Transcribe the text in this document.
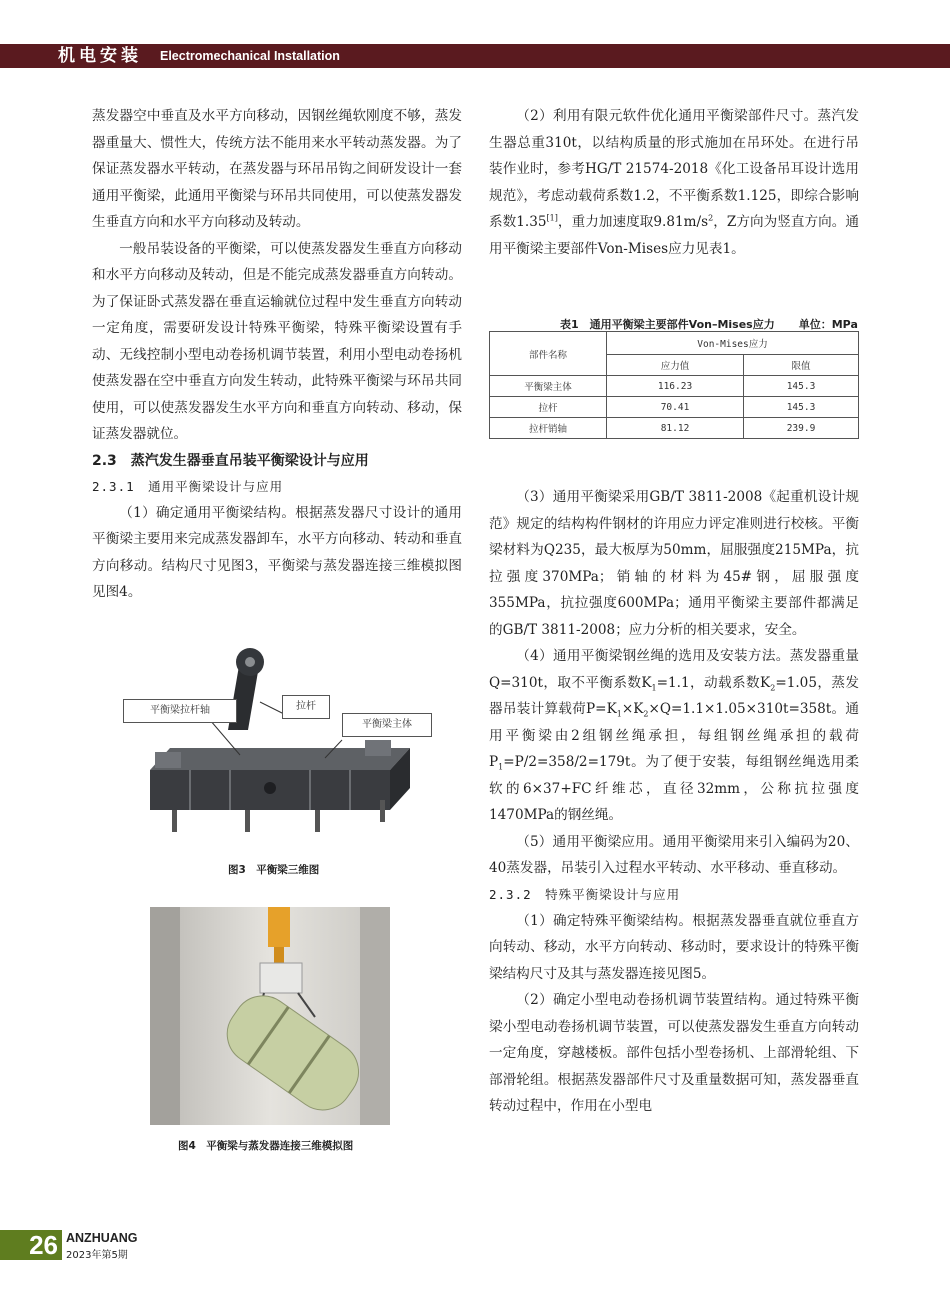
机电安装 Electromechanical Installation

蒸发器空中垂直及水平方向移动，因钢丝绳软刚度不够，蒸发器重量大、惯性大，传统方法不能用来水平转动蒸发器。为了保证蒸发器水平转动，在蒸发器与环吊吊钩之间研发设计一套通用平衡梁，此通用平衡梁与环吊共同使用，可以使蒸发器发生垂直方向和水平方向移动及转动。

一般吊装设备的平衡梁，可以使蒸发器发生垂直方向移动和水平方向移动及转动，但是不能完成蒸发器垂直方向转动。为了保证卧式蒸发器在垂直运输就位过程中发生垂直方向转动一定角度，需要研发设计特殊平衡梁，特殊平衡梁设置有手动、无线控制小型电动卷扬机调节装置，利用小型电动卷扬机使蒸发器在空中垂直方向发生转动，此特殊平衡梁与环吊共同使用，可以使蒸发器发生水平方向和垂直方向转动、移动，保证蒸发器就位。

2.3　蒸汽发生器垂直吊装平衡梁设计与应用

2.3.1　通用平衡梁设计与应用

（1）确定通用平衡梁结构。根据蒸发器尺寸设计的通用平衡梁主要用来完成蒸发器卸车，水平方向移动、转动和垂直方向移动。结构尺寸见图3，平衡梁与蒸发器连接三维模拟图见图4。

（2）利用有限元软件优化通用平衡梁部件尺寸。蒸汽发生器总重310t，以结构质量的形式施加在吊环处。在进行吊装作业时，参考HG/T 21574-2018《化工设备吊耳设计选用规范》，考虑动载荷系数1.2，不平衡系数1.125，即综合影响系数1.35[1]，重力加速度取$9.81m/s^2$，Z方向为竖直方向。通用平衡梁主要部件Von-Mises应力见表1。

表1　通用平衡梁主要部件Von–Mises应力 单位：MPa
部件名称	Von-Mises应力	
	应力值	限值
平衡梁主体	116.23	145.3
拉杆	70.41	145.3
拉杆销轴	81.12	239.9

（3）通用平衡梁采用GB/T 3811-2008《起重机设计规范》规定的结构构件钢材的许用应力评定准则进行校核。平衡梁材料为Q235，最大板厚为50mm，屈服强度215MPa，抗拉强度370MPa；销轴的材料为45#钢，屈服强度355MPa，抗拉强度600MPa；通用平衡梁主要部件都满足的GB/T 3811-2008；应力分析的相关要求，安全。

（4）通用平衡梁钢丝绳的选用及安装方法。蒸发器重量Q=310t，取不平衡系数$K_1=1.1$，动载系数$K_2=1.05$，蒸发器吊装计算载荷$P=K_1\times K_2\times Q=1.1\times 1.05\times 310t=358t$。通用平衡梁由2组钢丝绳承担，每组钢丝绳承担的载荷$P_1=P/2=358/2=179t$。为了便于安装，每组钢丝绳选用柔软的6×37+FC纤维芯，直径32mm，公称抗拉强度1470MPa的钢丝绳。

（5）通用平衡梁应用。通用平衡梁用来引入编码为20、40蒸发器，吊装引入过程水平转动、水平移动、垂直移动。

2.3.2　特殊平衡梁设计与应用

（1）确定特殊平衡梁结构。根据蒸发器垂直就位垂直方向转动、移动，水平方向转动、移动时，要求设计的特殊平衡梁结构尺寸及其与蒸发器连接见图5。

（2）确定小型电动卷扬机调节装置结构。通过特殊平衡梁小型电动卷扬机调节装置，可以使蒸发器发生垂直方向转动一定角度，穿越楼板。部件包括小型卷扬机、上部滑轮组、下部滑轮组。根据蒸发器部件尺寸及重量数据可知，蒸发器垂直转动过程中，作用在小型电

平衡梁拉杆轴	拉杆
平衡梁主体
图3　平衡梁三维图
图4　平衡梁与蒸发器连接三维模拟图
26 ANZHUANG
2023年第5期
